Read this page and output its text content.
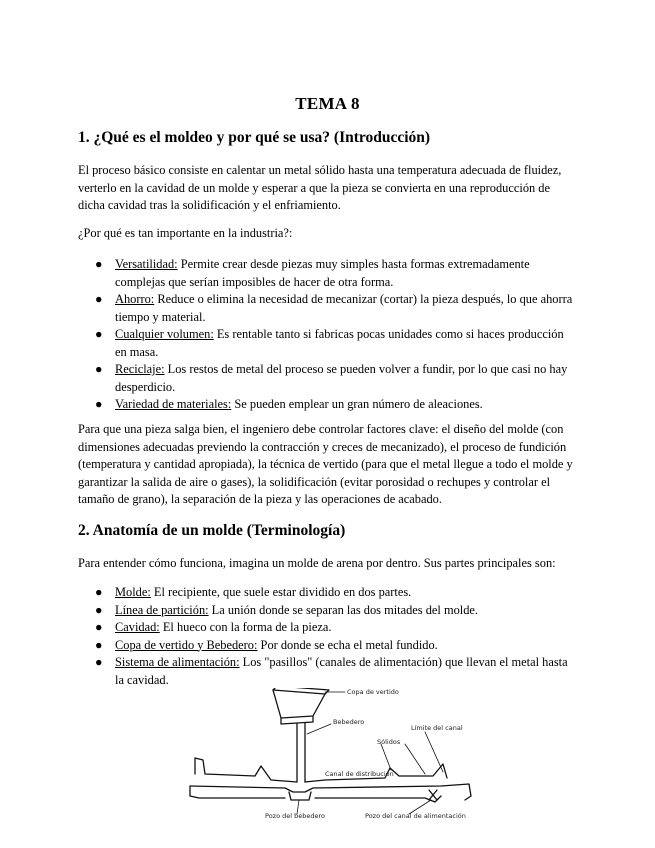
TEMA 8
1. ¿Qué es el moldeo y por qué se usa? (Introducción)
El proceso básico consiste en calentar un metal sólido hasta una temperatura adecuada de fluidez, verterlo en la cavidad de un molde y esperar a que la pieza se convierta en una reproducción de dicha cavidad tras la solidificación y el enfriamiento.
¿Por qué es tan importante en la industria?:
● Versatilidad: Permite crear desde piezas muy simples hasta formas extremadamente complejas que serían imposibles de hacer de otra forma.
● Ahorro: Reduce o elimina la necesidad de mecanizar (cortar) la pieza después, lo que ahorra tiempo y material.
● Cualquier volumen: Es rentable tanto si fabricas pocas unidades como si haces producción en masa.
● Reciclaje: Los restos de metal del proceso se pueden volver a fundir, por lo que casi no hay desperdicio.
● Variedad de materiales: Se pueden emplear un gran número de aleaciones.
Para que una pieza salga bien, el ingeniero debe controlar factores clave: el diseño del molde (con dimensiones adecuadas previendo la contracción y creces de mecanizado), el proceso de fundición (temperatura y cantidad apropiada), la técnica de vertido (para que el metal llegue a todo el molde y garantizar la salida de aire o gases), la solidificación (evitar porosidad o rechupes y controlar el tamaño de grano), la separación de la pieza y las operaciones de acabado.
2. Anatomía de un molde (Terminología)
Para entender cómo funciona, imagina un molde de arena por dentro. Sus partes principales son:
● Molde: El recipiente, que suele estar dividido en dos partes.
● Línea de partición: La unión donde se separan las dos mitades del molde.
● Cavidad: El hueco con la forma de la pieza.
● Copa de vertido y Bebedero: Por donde se echa el metal fundido.
● Sistema de alimentación: Los "pasillos" (canales de alimentación) que llevan el metal hasta la cavidad.
Copa de vertido
Bebedero
Límite del canal
Sólidos
Canal de distribución
Pozo del bebedero	Pozo del canal de alimentación
